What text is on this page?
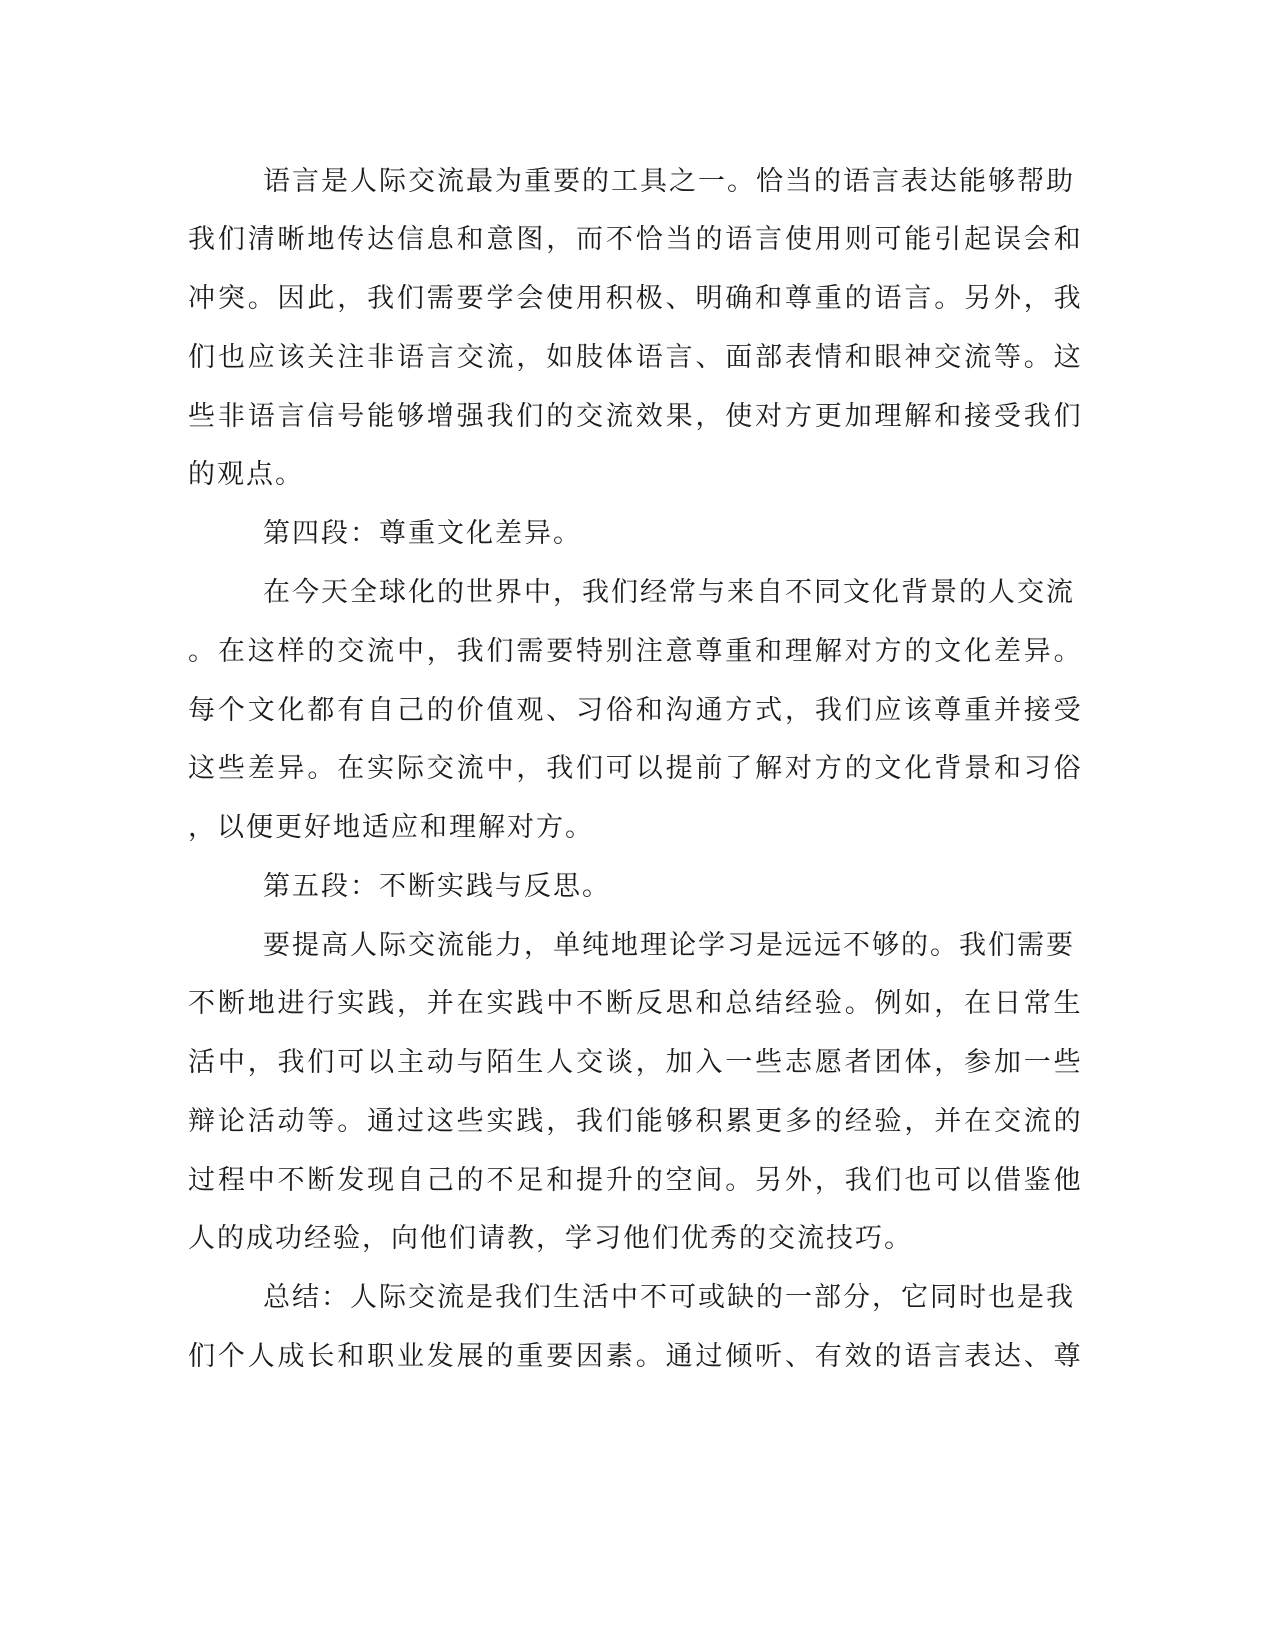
语言是人际交流最为重要的工具之一。恰当的语言表达能够帮助
我们清晰地传达信息和意图，而不恰当的语言使用则可能引起误会和
冲突。因此，我们需要学会使用积极、明确和尊重的语言。另外，我
们也应该关注非语言交流，如肢体语言、面部表情和眼神交流等。这
些非语言信号能够增强我们的交流效果，使对方更加理解和接受我们
的观点。
第四段：尊重文化差异。
在今天全球化的世界中，我们经常与来自不同文化背景的人交流
。在这样的交流中，我们需要特别注意尊重和理解对方的文化差异。
每个文化都有自己的价值观、习俗和沟通方式，我们应该尊重并接受
这些差异。在实际交流中，我们可以提前了解对方的文化背景和习俗
，以便更好地适应和理解对方。
第五段：不断实践与反思。
要提高人际交流能力，单纯地理论学习是远远不够的。我们需要
不断地进行实践，并在实践中不断反思和总结经验。例如，在日常生
活中，我们可以主动与陌生人交谈，加入一些志愿者团体，参加一些
辩论活动等。通过这些实践，我们能够积累更多的经验，并在交流的
过程中不断发现自己的不足和提升的空间。另外，我们也可以借鉴他
人的成功经验，向他们请教，学习他们优秀的交流技巧。
总结：人际交流是我们生活中不可或缺的一部分，它同时也是我
们个人成长和职业发展的重要因素。通过倾听、有效的语言表达、尊
